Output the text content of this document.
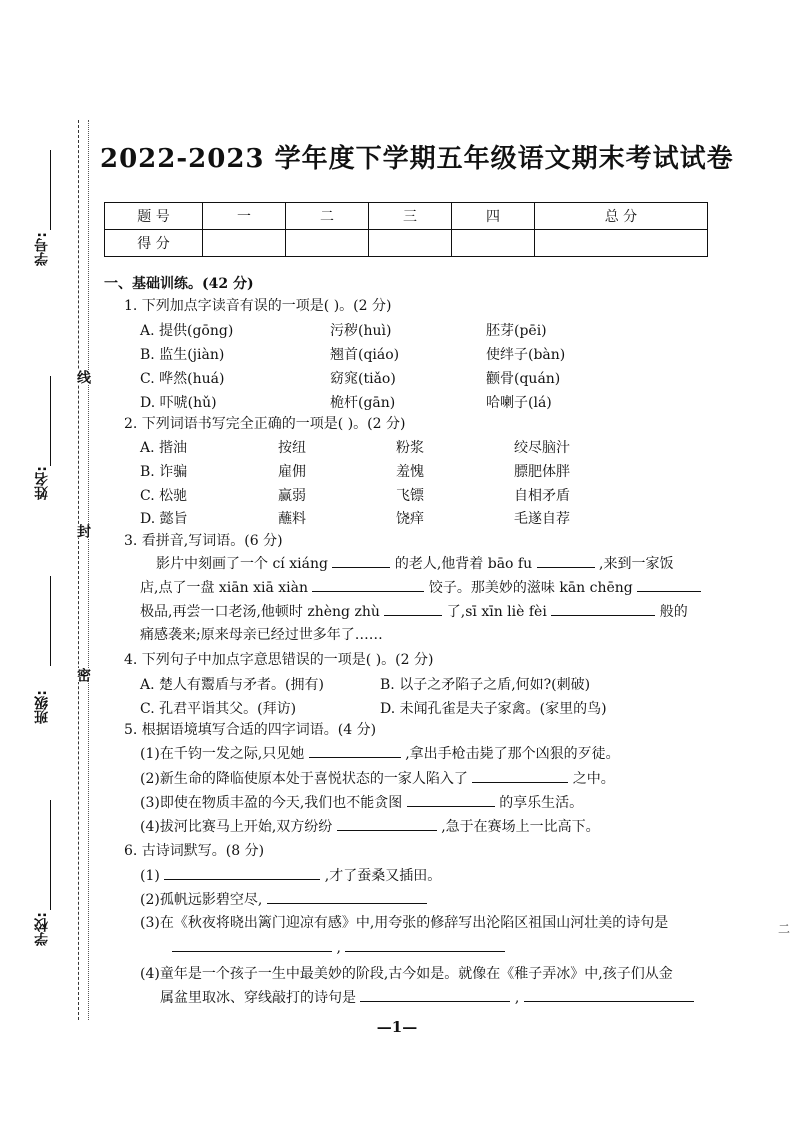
学号:
姓名:
班级:
学校:
线
封
密
2022-2023 学年度下学期五年级语文期末考试试卷
题 号	一	二	三	四	总 分
得 分					
一、基础训练。(42 分)
1. 下列加点字读音有误的一项是( )。(2 分)
A. 提供(gōng)	污秽(huì)	胚芽(pēi)
B. 监生(jiàn)	翘首(qiáo)	使绊子(bàn)
C. 哗然(huá)	窈窕(tiǎo)	颧骨(quán)
D. 吓唬(hǔ)	桅杆(gān)	哈喇子(lá)
2. 下列词语书写完全正确的一项是( )。(2 分)
A. 揩油	按纽	粉浆	绞尽脑汁
B. 诈骗	雇佣	羞愧	膘肥体胖
C. 松驰	赢弱	飞镖	自相矛盾
D. 懿旨	蘸料	饶痒	毛遂自荐
3. 看拼音,写词语。(6 分)
影片中刻画了一个 cí xiáng	的老人,他背着 bāo fu	,来到一家饭
店,点了一盘 xiān xiā xiàn	饺子。那美妙的滋味 kān chēng
极品,再尝一口老汤,他顿时 zhèng zhù	了,sī xīn liè fèi	般的
痛感袭来;原来母亲已经过世多年了……
4. 下列句子中加点字意思错误的一项是( )。(2 分)
A. 楚人有鬻盾与矛者。(拥有)	B. 以子之矛陷子之盾,何如?(刺破)
C. 孔君平诣其父。(拜访)	D. 未闻孔雀是夫子家禽。(家里的鸟)
5. 根据语境填写合适的四字词语。(4 分)
(1)在千钧一发之际,只见她	,拿出手枪击毙了那个凶狠的歹徒。
(2)新生命的降临使原本处于喜悦状态的一家人陷入了	之中。
(3)即使在物质丰盈的今天,我们也不能贪图	的享乐生活。
(4)拔河比赛马上开始,双方纷纷	,急于在赛场上一比高下。
6. 古诗词默写。(8 分)
(1)	,才了蚕桑又插田。
(2)孤帆远影碧空尽,
(3)在《秋夜将晓出篱门迎凉有感》中,用夸张的修辞写出沦陷区祖国山河壮美的诗句是
,
(4)童年是一个孩子一生中最美妙的阶段,古今如是。就像在《稚子弄冰》中,孩子们从金
属盆里取冰、穿线敲打的诗句是	,
—1—
二
